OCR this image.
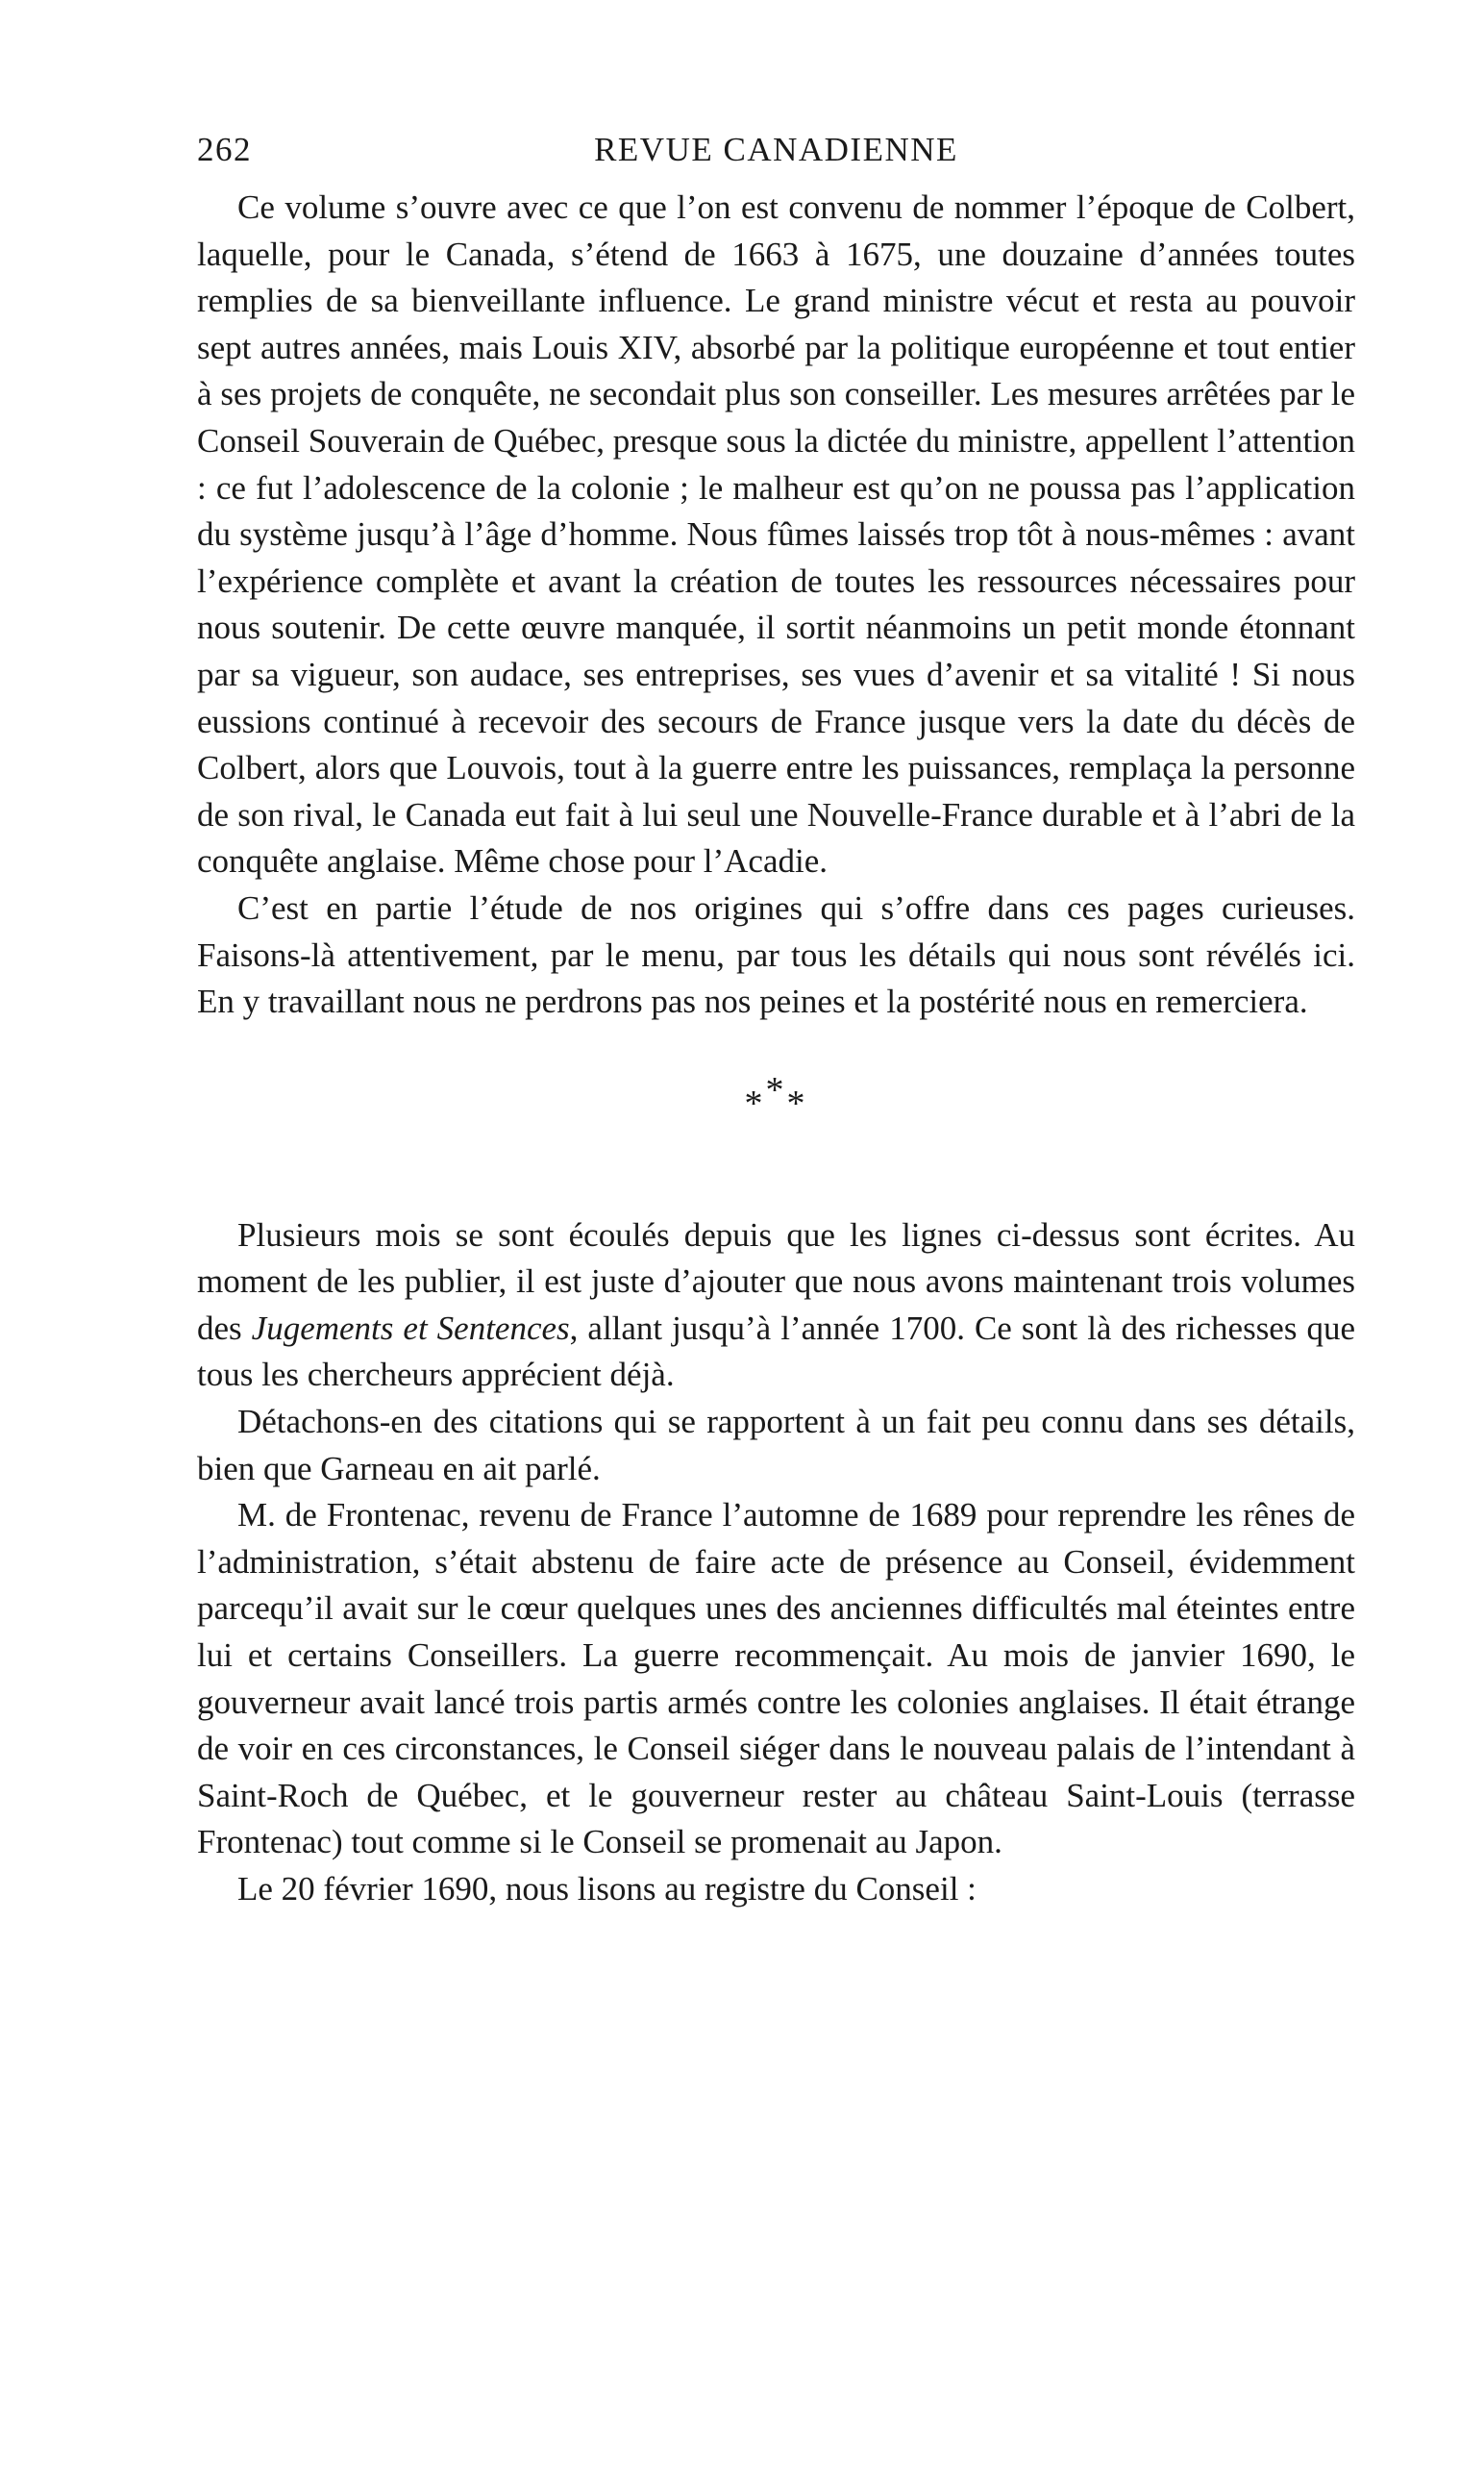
262	REVUE CANADIENNE

Ce volume s’ouvre avec ce que l’on est convenu de nommer l’époque de Colbert, laquelle, pour le Canada, s’étend de 1663 à 1675, une douzaine d’années toutes remplies de sa bienveillante influence. Le grand ministre vécut et resta au pouvoir sept autres années, mais Louis XIV, absorbé par la politique européenne et tout entier à ses projets de conquête, ne secondait plus son conseiller. Les mesures arrêtées par le Conseil Souverain de Québec, presque sous la dictée du ministre, appellent l’attention : ce fut l’adolescence de la colonie ; le malheur est qu’on ne poussa pas l’application du système jusqu’à l’âge d’homme. Nous fûmes laissés trop tôt à nous-mêmes : avant l’expérience complète et avant la création de toutes les ressources nécessaires pour nous soutenir. De cette œuvre manquée, il sortit néanmoins un petit monde étonnant par sa vigueur, son audace, ses entreprises, ses vues d’avenir et sa vitalité ! Si nous eussions continué à recevoir des secours de France jusque vers la date du décès de Colbert, alors que Louvois, tout à la guerre entre les puissances, remplaça la personne de son rival, le Canada eut fait à lui seul une Nouvelle-France durable et à l’abri de la conquête anglaise. Même chose pour l’Acadie.

C’est en partie l’étude de nos origines qui s’offre dans ces pages curieuses. Faisons-là attentivement, par le menu, par tous les détails qui nous sont révélés ici. En y travaillant nous ne perdrons pas nos peines et la postérité nous en remerciera.

* * *

Plusieurs mois se sont écoulés depuis que les lignes ci-dessus sont écrites. Au moment de les publier, il est juste d’ajouter que nous avons maintenant trois volumes des Jugements et Sentences, allant jusqu’à l’année 1700. Ce sont là des richesses que tous les chercheurs apprécient déjà.

Détachons-en des citations qui se rapportent à un fait peu connu dans ses détails, bien que Garneau en ait parlé.

M. de Frontenac, revenu de France l’automne de 1689 pour reprendre les rênes de l’administration, s’était abstenu de faire acte de présence au Conseil, évidemment parcequ’il avait sur le cœur quelques unes des anciennes difficultés mal éteintes entre lui et certains Conseillers. La guerre recommençait. Au mois de janvier 1690, le gouverneur avait lancé trois partis armés contre les colonies anglaises. Il était étrange de voir en ces circonstances, le Conseil siéger dans le nouveau palais de l’intendant à Saint-Roch de Québec, et le gouverneur rester au château Saint-Louis (terrasse Frontenac) tout comme si le Conseil se promenait au Japon.

Le 20 février 1690, nous lisons au registre du Conseil :
